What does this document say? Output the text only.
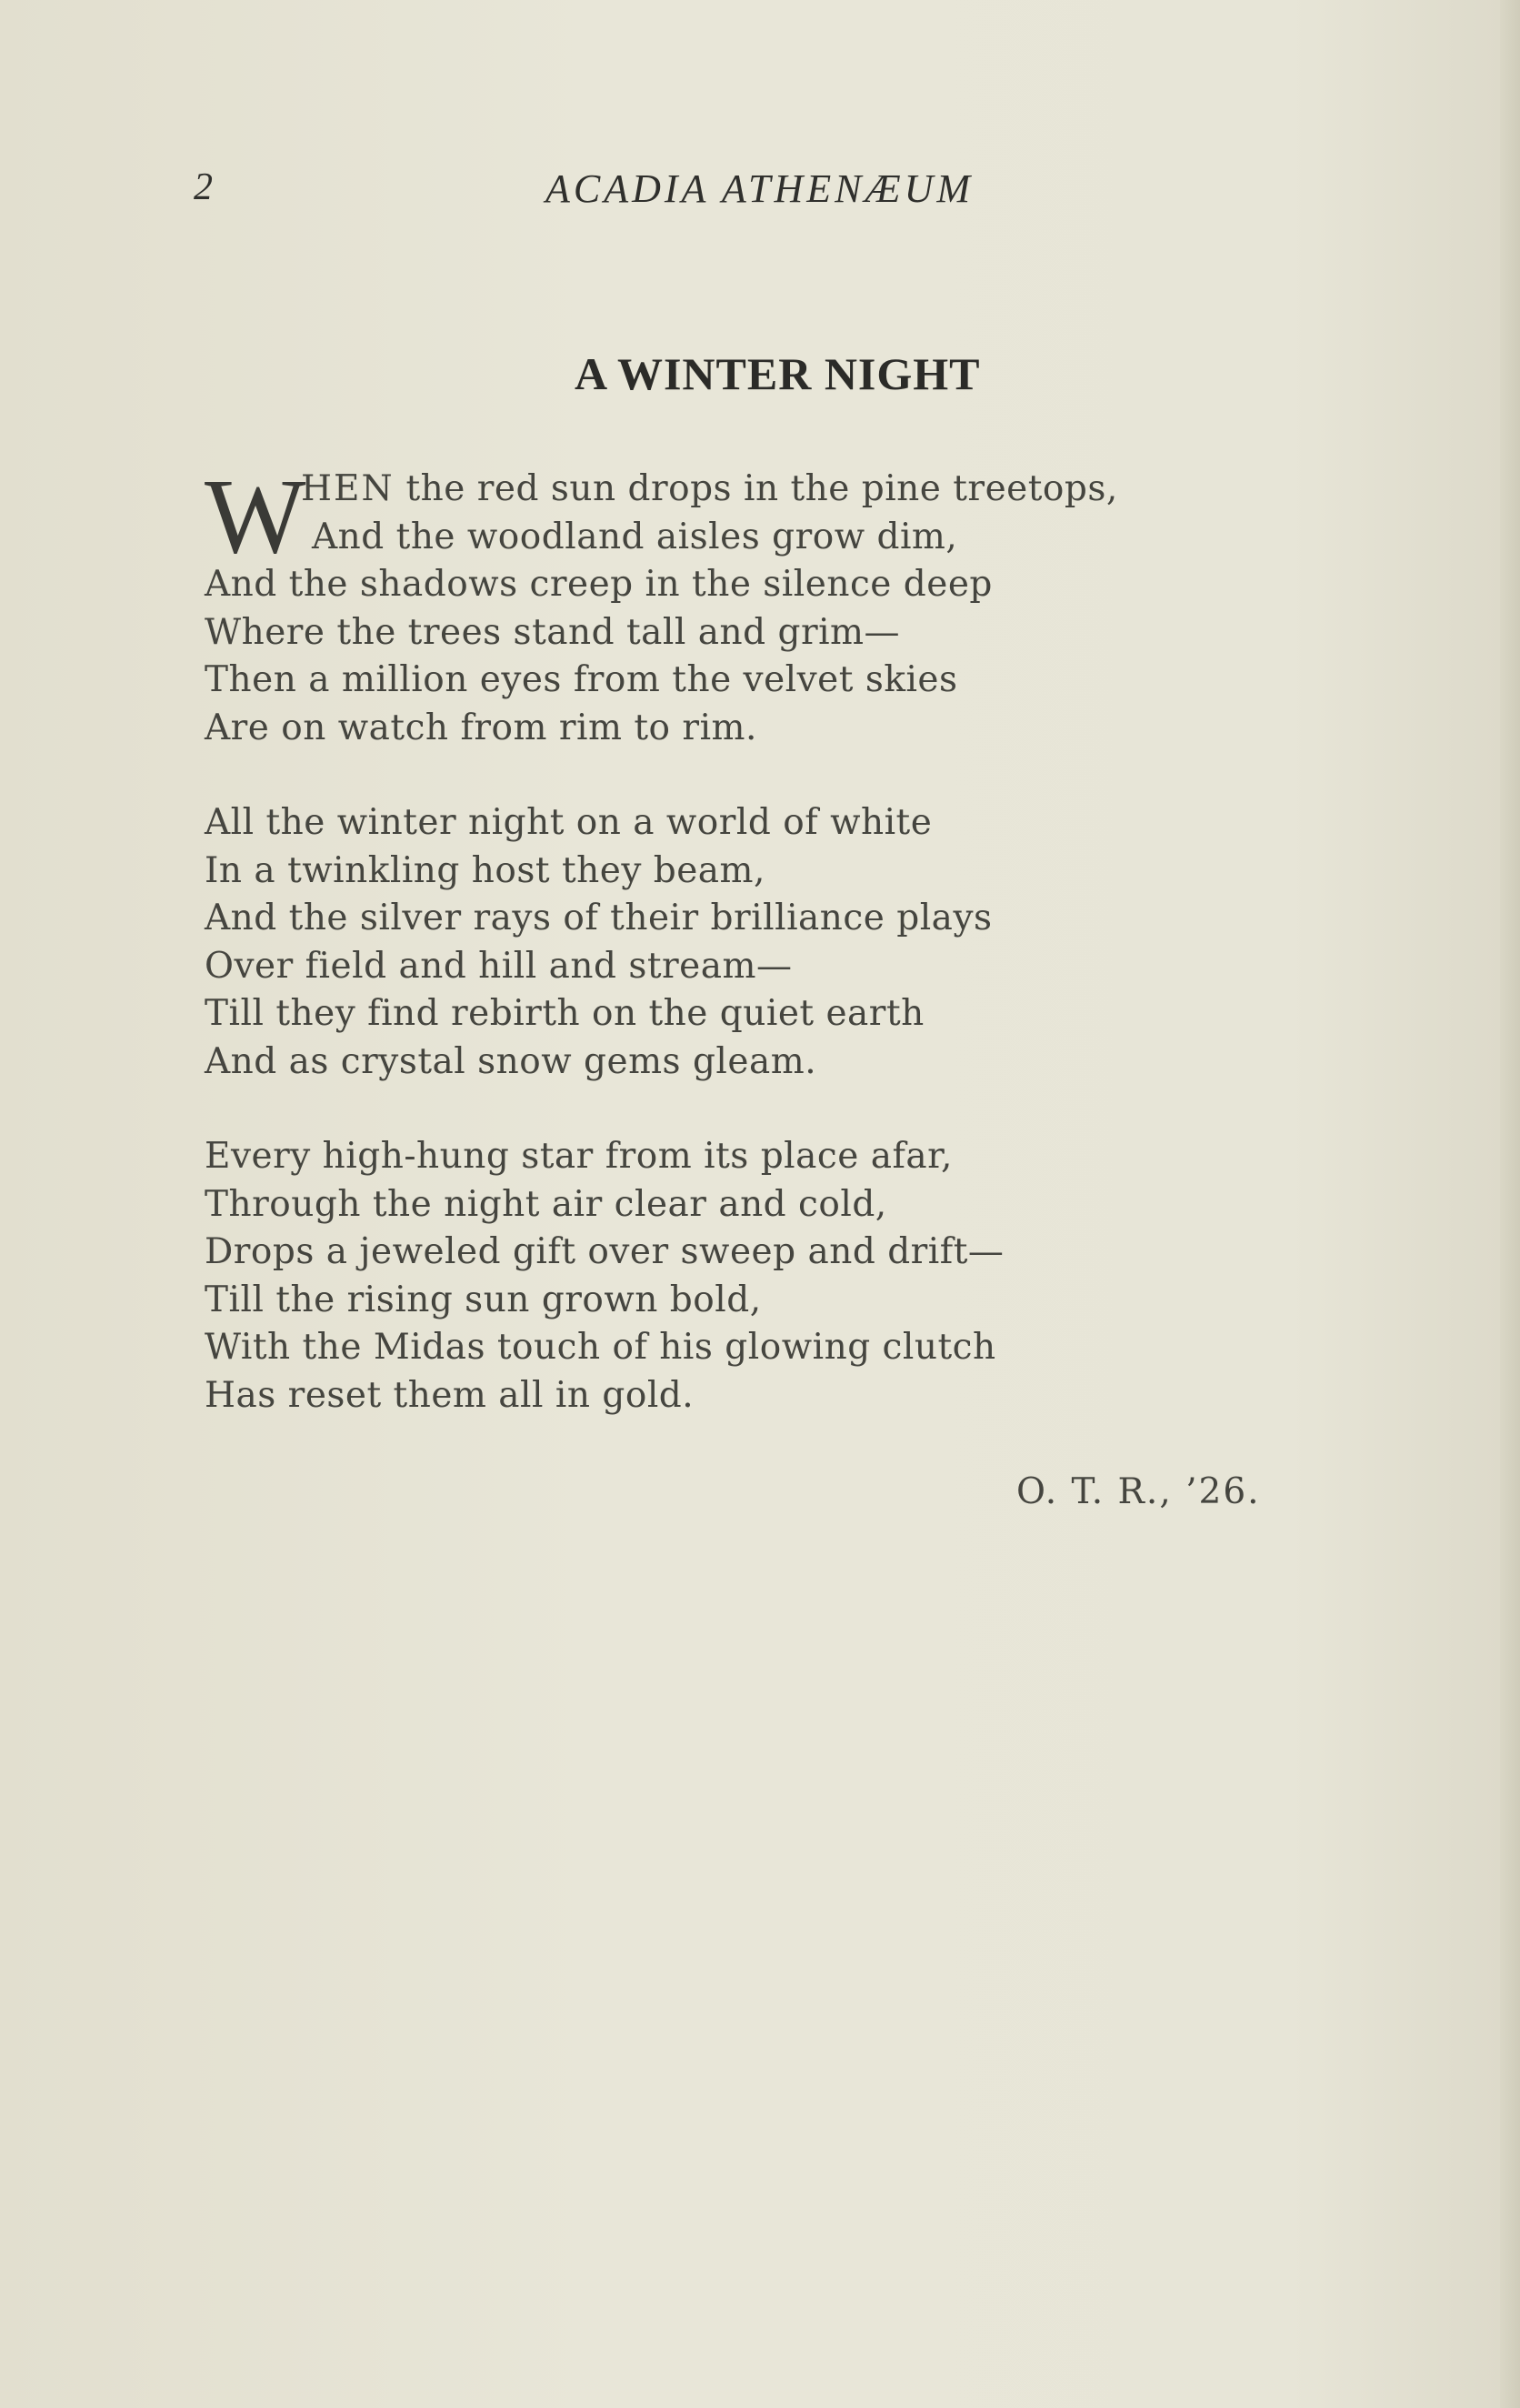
2	ACADIA ATHENÆUM
A WINTER NIGHT
W
HEN the red sun drops in the pine treetops,
And the woodland aisles grow dim,
And the shadows creep in the silence deep
Where the trees stand tall and grim—
Then a million eyes from the velvet skies
Are on watch from rim to rim.
All the winter night on a world of white
In a twinkling host they beam,
And the silver rays of their brilliance plays
Over field and hill and stream—
Till they find rebirth on the quiet earth
And as crystal snow gems gleam.
Every high-hung star from its place afar,
Through the night air clear and cold,
Drops a jeweled gift over sweep and drift—
Till the rising sun grown bold,
With the Midas touch of his glowing clutch
Has reset them all in gold.
O. T. R., ’26.
